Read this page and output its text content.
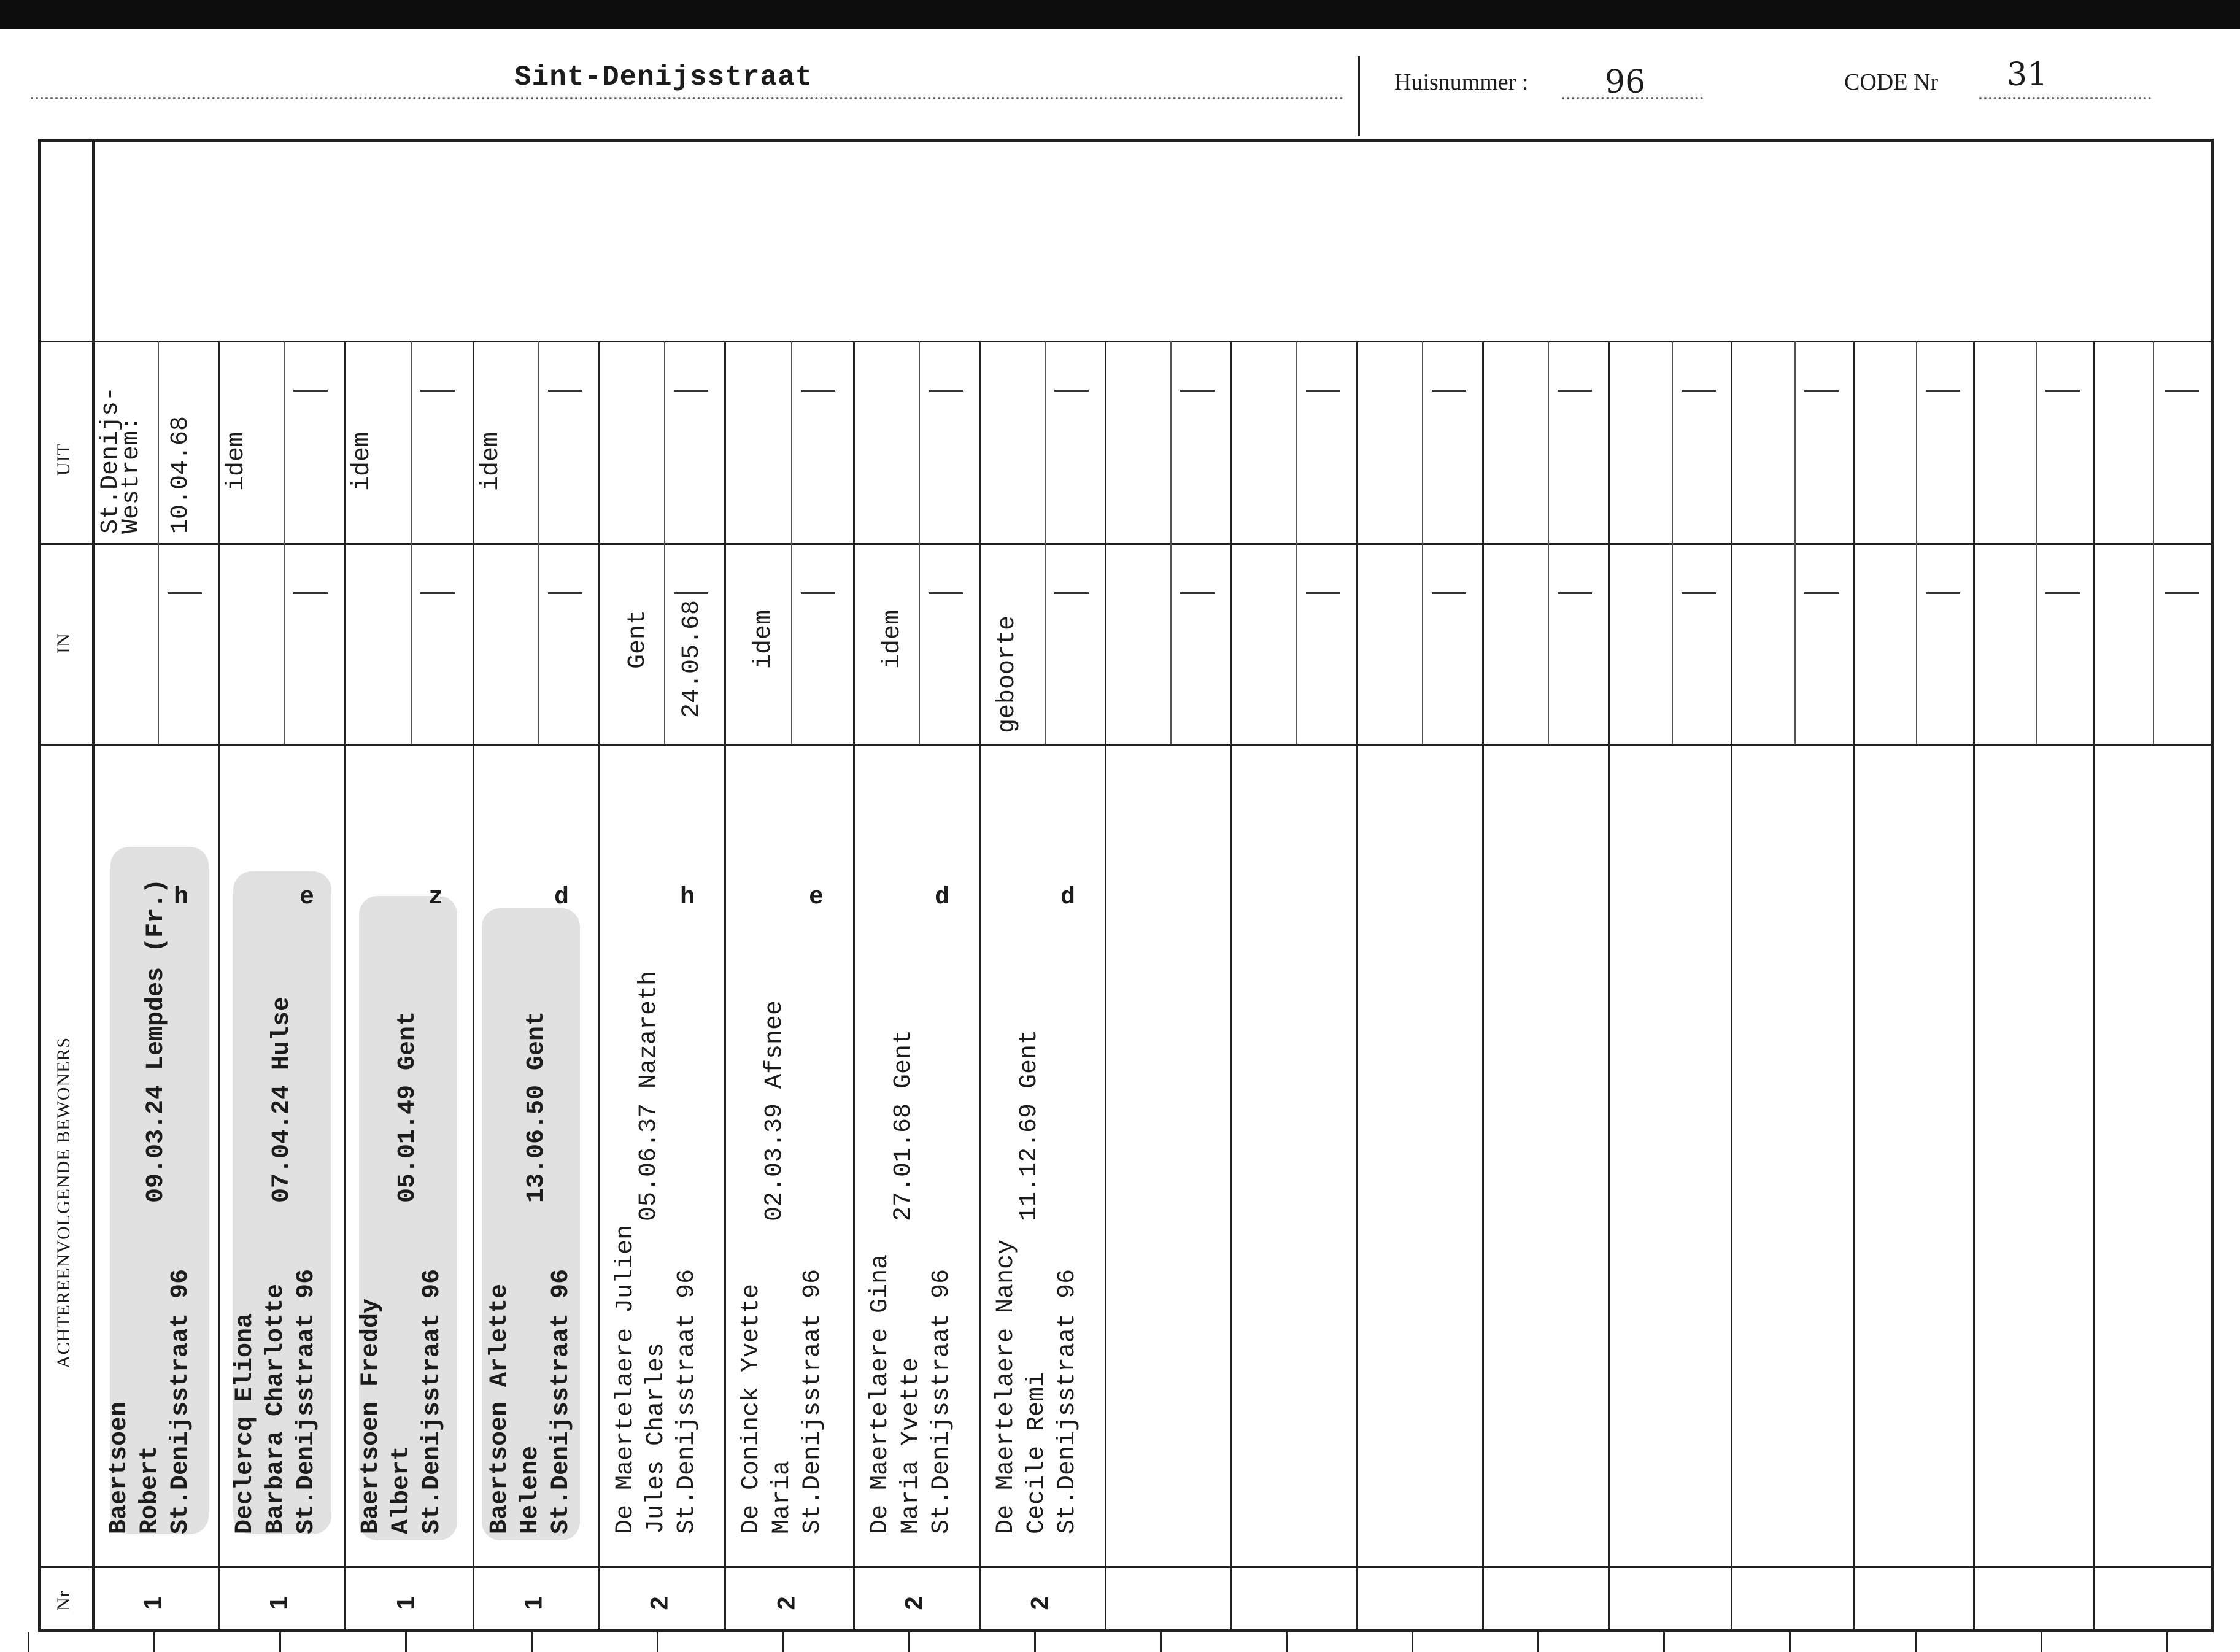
Sint-Denijsstraat	Huisnummer : 96	CODE Nr 31
UIT
IN
ACHTEREENVOLGENDE BEWONERS
Nr
Baertsoen Robert St.Denijsstraat 96
09.03.24 Lempdes (Fr.) h
1
St.Denijs-
Westrem: 10.04.68
Declercq Eliona Barbara Charlotte St.Denijsstraat 96
07.04.24 Hulse
e
1
idem
Baertsoen Freddy Albert St.Denijsstraat 96
05.01.49 Gent
z
1
idem
Baertsoen Arlette Helene St.Denijsstraat 96
13.06.50 Gent
d
1
idem
De Maertelaere Julien Jules Charles St.Denijsstraat 96
05.06.37 Nazareth
h
2
Gent 24.05.68
De Coninck Yvette Maria St.Denijsstraat 96
02.03.39 Afsnee
e
2
idem
De Maertelaere Gina Maria Yvette St.Denijsstraat 96
27.01.68 Gent
d
2
idem
De Maertelaere Nancy Cecile Remi St.Denijsstraat 96
11.12.69 Gent
d
2
geboorte
